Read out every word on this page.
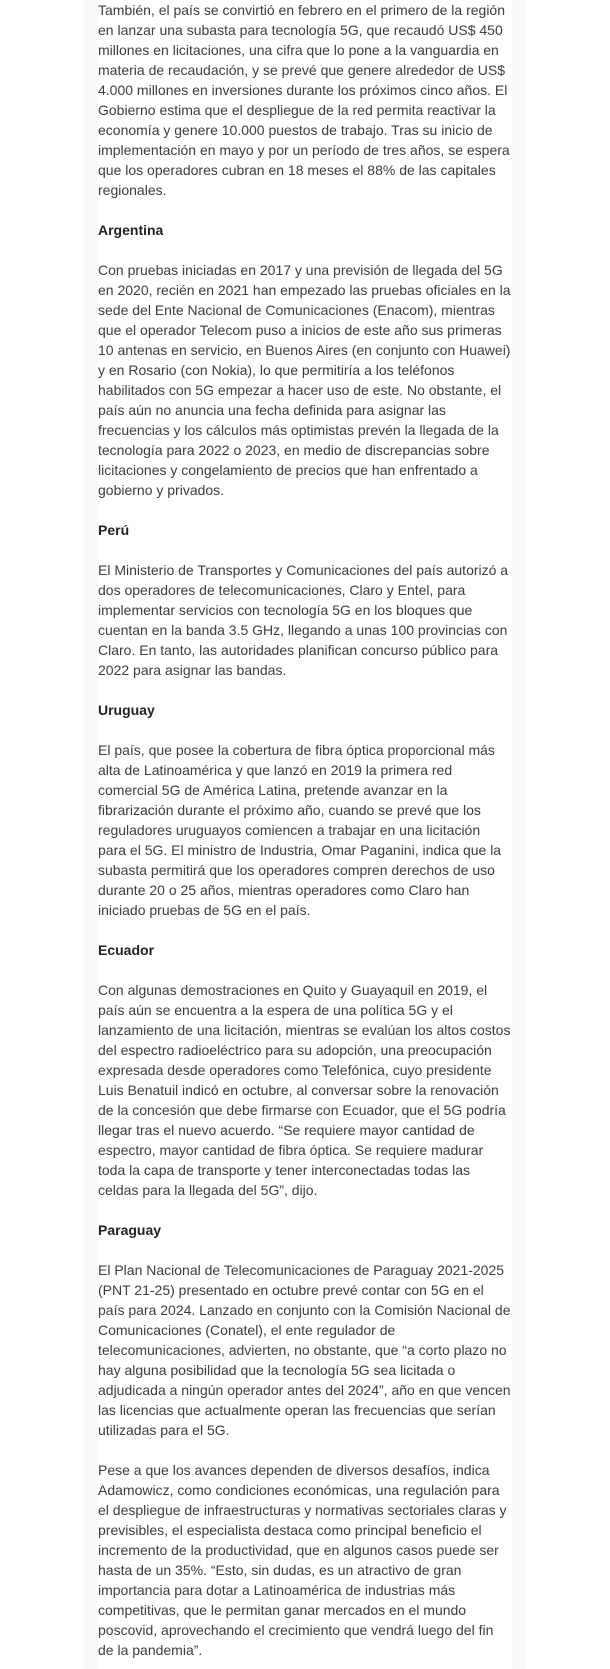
También, el país se convirtió en febrero en el primero de la región en lanzar una subasta para tecnología 5G, que recaudó US$ 450 millones en licitaciones, una cifra que lo pone a la vanguardia en materia de recaudación, y se prevé que genere alrededor de US$ 4.000 millones en inversiones durante los próximos cinco años. El Gobierno estima que el despliegue de la red permita reactivar la economía y genere 10.000 puestos de trabajo. Tras su inicio de implementación en mayo y por un período de tres años, se espera que los operadores cubran en 18 meses el 88% de las capitales regionales.

Argentina

Con pruebas iniciadas en 2017 y una previsión de llegada del 5G en 2020, recién en 2021 han empezado las pruebas oficiales en la sede del Ente Nacional de Comunicaciones (Enacom), mientras que el operador Telecom puso a inicios de este año sus primeras 10 antenas en servicio, en Buenos Aires (en conjunto con Huawei) y en Rosario (con Nokia), lo que permitiría a los teléfonos habilitados con 5G empezar a hacer uso de este. No obstante, el país aún no anuncia una fecha definida para asignar las frecuencias y los cálculos más optimistas prevén la llegada de la tecnología para 2022 o 2023, en medio de discrepancias sobre licitaciones y congelamiento de precios que han enfrentado a gobierno y privados.

Perú

El Ministerio de Transportes y Comunicaciones del país autorizó a dos operadores de telecomunicaciones, Claro y Entel, para implementar servicios con tecnología 5G en los bloques que cuentan en la banda 3.5 GHz, llegando a unas 100 provincias con Claro. En tanto, las autoridades planifican concurso público para 2022 para asignar las bandas.

Uruguay

El país, que posee la cobertura de fibra óptica proporcional más alta de Latinoamérica y que lanzó en 2019 la primera red comercial 5G de América Latina, pretende avanzar en la fibrarización durante el próximo año, cuando se prevé que los reguladores uruguayos comiencen a trabajar en una licitación para el 5G. El ministro de Industria, Omar Paganini, indica que la subasta permitirá que los operadores compren derechos de uso durante 20 o 25 años, mientras operadores como Claro han iniciado pruebas de 5G en el país.

Ecuador

Con algunas demostraciones en Quito y Guayaquil en 2019, el país aún se encuentra a la espera de una política 5G y el lanzamiento de una licitación, mientras se evalúan los altos costos del espectro radioeléctrico para su adopción, una preocupación expresada desde operadores como Telefónica, cuyo presidente Luis Benatuil indicó en octubre, al conversar sobre la renovación de la concesión que debe firmarse con Ecuador, que el 5G podría llegar tras el nuevo acuerdo. “Se requiere mayor cantidad de espectro, mayor cantidad de fibra óptica. Se requiere madurar toda la capa de transporte y tener interconectadas todas las celdas para la llegada del 5G”, dijo.

Paraguay

El Plan Nacional de Telecomunicaciones de Paraguay 2021-2025 (PNT 21-25) presentado en octubre prevé contar con 5G en el país para 2024. Lanzado en conjunto con la Comisión Nacional de Comunicaciones (Conatel), el ente regulador de telecomunicaciones, advierten, no obstante, que “a corto plazo no hay alguna posibilidad que la tecnología 5G sea licitada o adjudicada a ningún operador antes del 2024”, año en que vencen las licencias que actualmente operan las frecuencias que serían utilizadas para el 5G.

Pese a que los avances dependen de diversos desafíos, indica Adamowicz, como condiciones económicas, una regulación para el despliegue de infraestructuras y normativas sectoriales claras y previsibles, el especialista destaca como principal beneficio el incremento de la productividad, que en algunos casos puede ser hasta de un 35%. “Esto, sin dudas, es un atractivo de gran importancia para dotar a Latinoamérica de industrias más competitivas, que le permitan ganar mercados en el mundo poscovid, aprovechando el crecimiento que vendrá luego del fin de la pandemia”.
